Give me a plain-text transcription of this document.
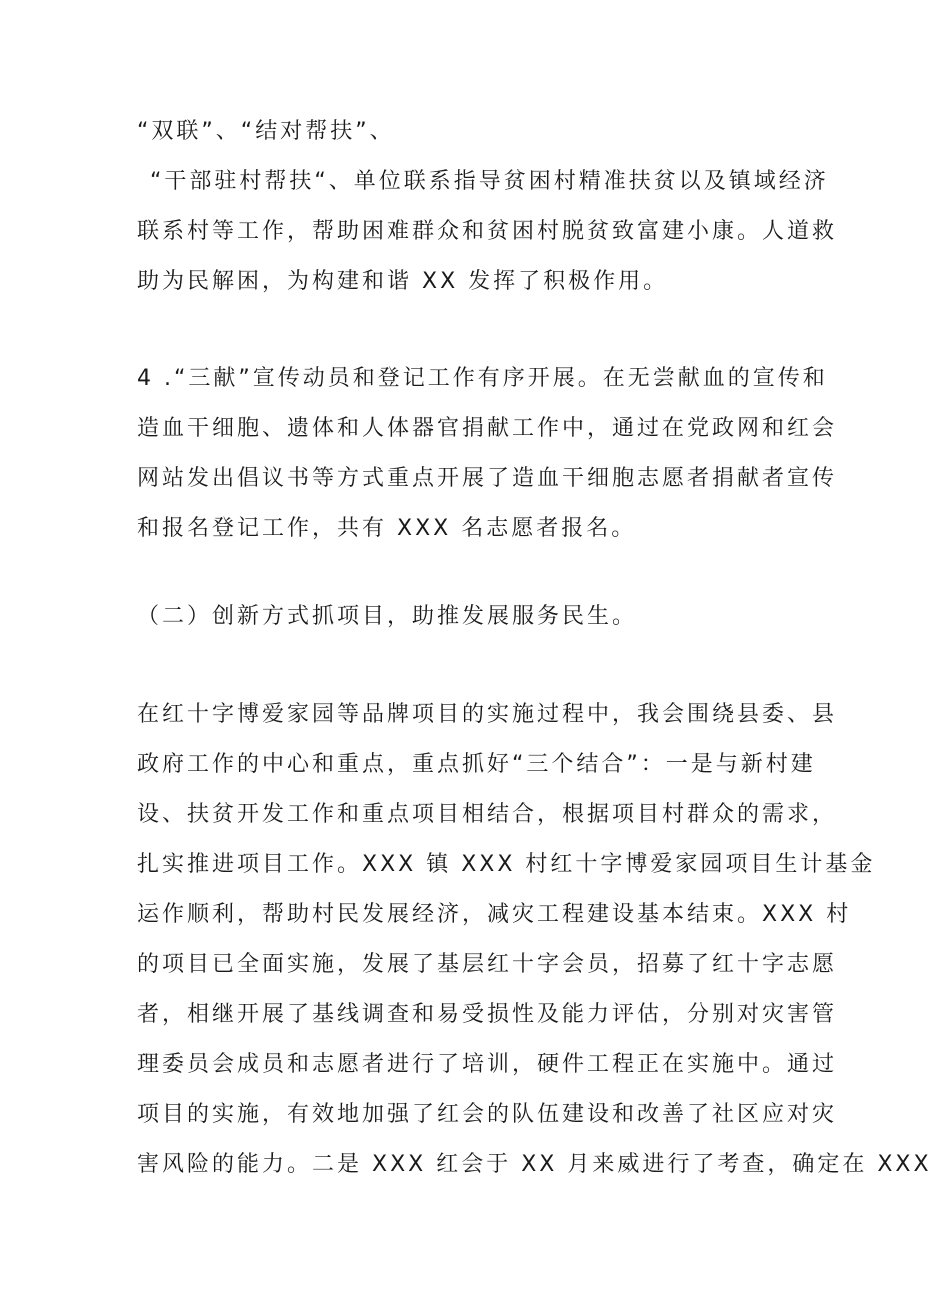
“双联”、“结对帮扶”、
“干部驻村帮扶“、单位联系指导贫困村精准扶贫以及镇域经济
联系村等工作，帮助困难群众和贫困村脱贫致富建小康。人道救
助为民解困，为构建和谐 XX 发挥了积极作用。
4 .“三献”宣传动员和登记工作有序开展。在无尝献血的宣传和
造血干细胞、遗体和人体器官捐献工作中，通过在党政网和红会
网站发出倡议书等方式重点开展了造血干细胞志愿者捐献者宣传
和报名登记工作，共有 XXX 名志愿者报名。
（二）创新方式抓项目，助推发展服务民生。
在红十字博爱家园等品牌项目的实施过程中，我会围绕县委、县
政府工作的中心和重点，重点抓好“三个结合”：一是与新村建
设、扶贫开发工作和重点项目相结合，根据项目村群众的需求，
扎实推进项目工作。XXX 镇 XXX 村红十字博爱家园项目生计基金
运作顺利，帮助村民发展经济，减灾工程建设基本结束。XXX 村
的项目已全面实施，发展了基层红十字会员，招募了红十字志愿
者，相继开展了基线调查和易受损性及能力评估，分别对灾害管
理委员会成员和志愿者进行了培训，硬件工程正在实施中。通过
项目的实施，有效地加强了红会的队伍建设和改善了社区应对灾
害风险的能力。二是 XXX 红会于 XX 月来威进行了考查，确定在 XXX
